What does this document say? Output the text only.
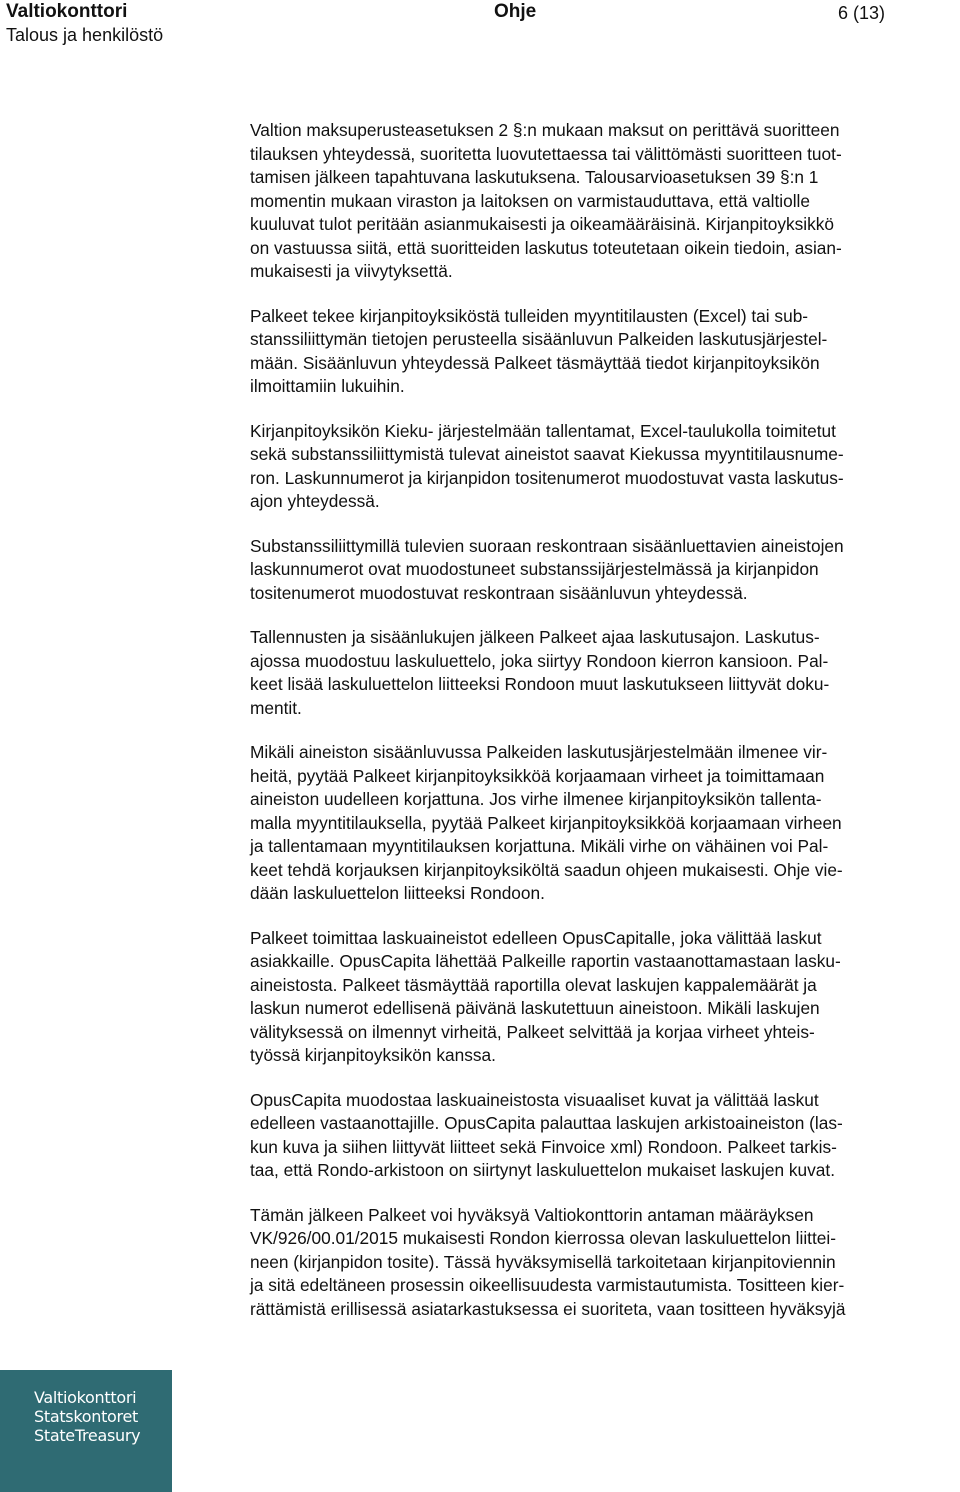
Valtiokonttori
Talous ja henkilöstö
Ohje	6 (13)

Valtion maksuperusteasetuksen 2 §:n mukaan maksut on perittävä suoritteen
tilauksen yhteydessä, suoritetta luovutettaessa tai välittömästi suoritteen tuot-
tamisen jälkeen tapahtuvana laskutuksena. Talousarvioasetuksen 39 §:n 1
momentin mukaan viraston ja laitoksen on varmistauduttava, että valtiolle
kuuluvat tulot peritään asianmukaisesti ja oikeamääräisinä. Kirjanpitoyksikkö
on vastuussa siitä, että suoritteiden laskutus toteutetaan oikein tiedoin, asian-
mukaisesti ja viivytyksettä.

Palkeet tekee kirjanpitoyksiköstä tulleiden myyntitilausten (Excel) tai sub-
stanssiliittymän tietojen perusteella sisäänluvun Palkeiden laskutusjärjestel-
mään. Sisäänluvun yhteydessä Palkeet täsmäyttää tiedot kirjanpitoyksikön
ilmoittamiin lukuihin.

Kirjanpitoyksikön Kieku- järjestelmään tallentamat, Excel-taulukolla toimitetut
sekä substanssiliittymistä tulevat aineistot saavat Kiekussa myyntitilausnume-
ron. Laskunnumerot ja kirjanpidon tositenumerot muodostuvat vasta laskutus-
ajon yhteydessä.

Substanssiliittymillä tulevien suoraan reskontraan sisäänluettavien aineistojen
laskunnumerot ovat muodostuneet substanssijärjestelmässä ja kirjanpidon
tositenumerot muodostuvat reskontraan sisäänluvun yhteydessä.

Tallennusten ja sisäänlukujen jälkeen Palkeet ajaa laskutusajon. Laskutus-
ajossa muodostuu laskuluettelo, joka siirtyy Rondoon kierron kansioon. Pal-
keet lisää laskuluettelon liitteeksi Rondoon muut laskutukseen liittyvät doku-
mentit.

Mikäli aineiston sisäänluvussa Palkeiden laskutusjärjestelmään ilmenee vir-
heitä, pyytää Palkeet kirjanpitoyksikköä korjaamaan virheet ja toimittamaan
aineiston uudelleen korjattuna. Jos virhe ilmenee kirjanpitoyksikön tallenta-
malla myyntitilauksella, pyytää Palkeet kirjanpitoyksikköä korjaamaan virheen
ja tallentamaan myyntitilauksen korjattuna. Mikäli virhe on vähäinen voi Pal-
keet tehdä korjauksen kirjanpitoyksiköltä saadun ohjeen mukaisesti. Ohje vie-
dään laskuluettelon liitteeksi Rondoon.

Palkeet toimittaa laskuaineistot edelleen OpusCapitalle, joka välittää laskut
asiakkaille. OpusCapita lähettää Palkeille raportin vastaanottamastaan lasku-
aineistosta. Palkeet täsmäyttää raportilla olevat laskujen kappalemäärät ja
laskun numerot edellisenä päivänä laskutettuun aineistoon. Mikäli laskujen
välityksessä on ilmennyt virheitä, Palkeet selvittää ja korjaa virheet yhteis-
työssä kirjanpitoyksikön kanssa.

OpusCapita muodostaa laskuaineistosta visuaaliset kuvat ja välittää laskut
edelleen vastaanottajille. OpusCapita palauttaa laskujen arkistoaineiston (las-
kun kuva ja siihen liittyvät liitteet sekä Finvoice xml) Rondoon. Palkeet tarkis-
taa, että Rondo-arkistoon on siirtynyt laskuluettelon mukaiset laskujen kuvat.

Tämän jälkeen Palkeet voi hyväksyä Valtiokonttorin antaman määräyksen
VK/926/00.01/2015 mukaisesti Rondon kierrossa olevan laskuluettelon liittei-
neen (kirjanpidon tosite). Tässä hyväksymisellä tarkoitetaan kirjanpitoviennin
ja sitä edeltäneen prosessin oikeellisuudesta varmistautumista. Tositteen kier-
rättämistä erillisessä asiatarkastuksessa ei suoriteta, vaan tositteen hyväksyjä

Valtiokonttori
Statskontoret
StateTreasury
